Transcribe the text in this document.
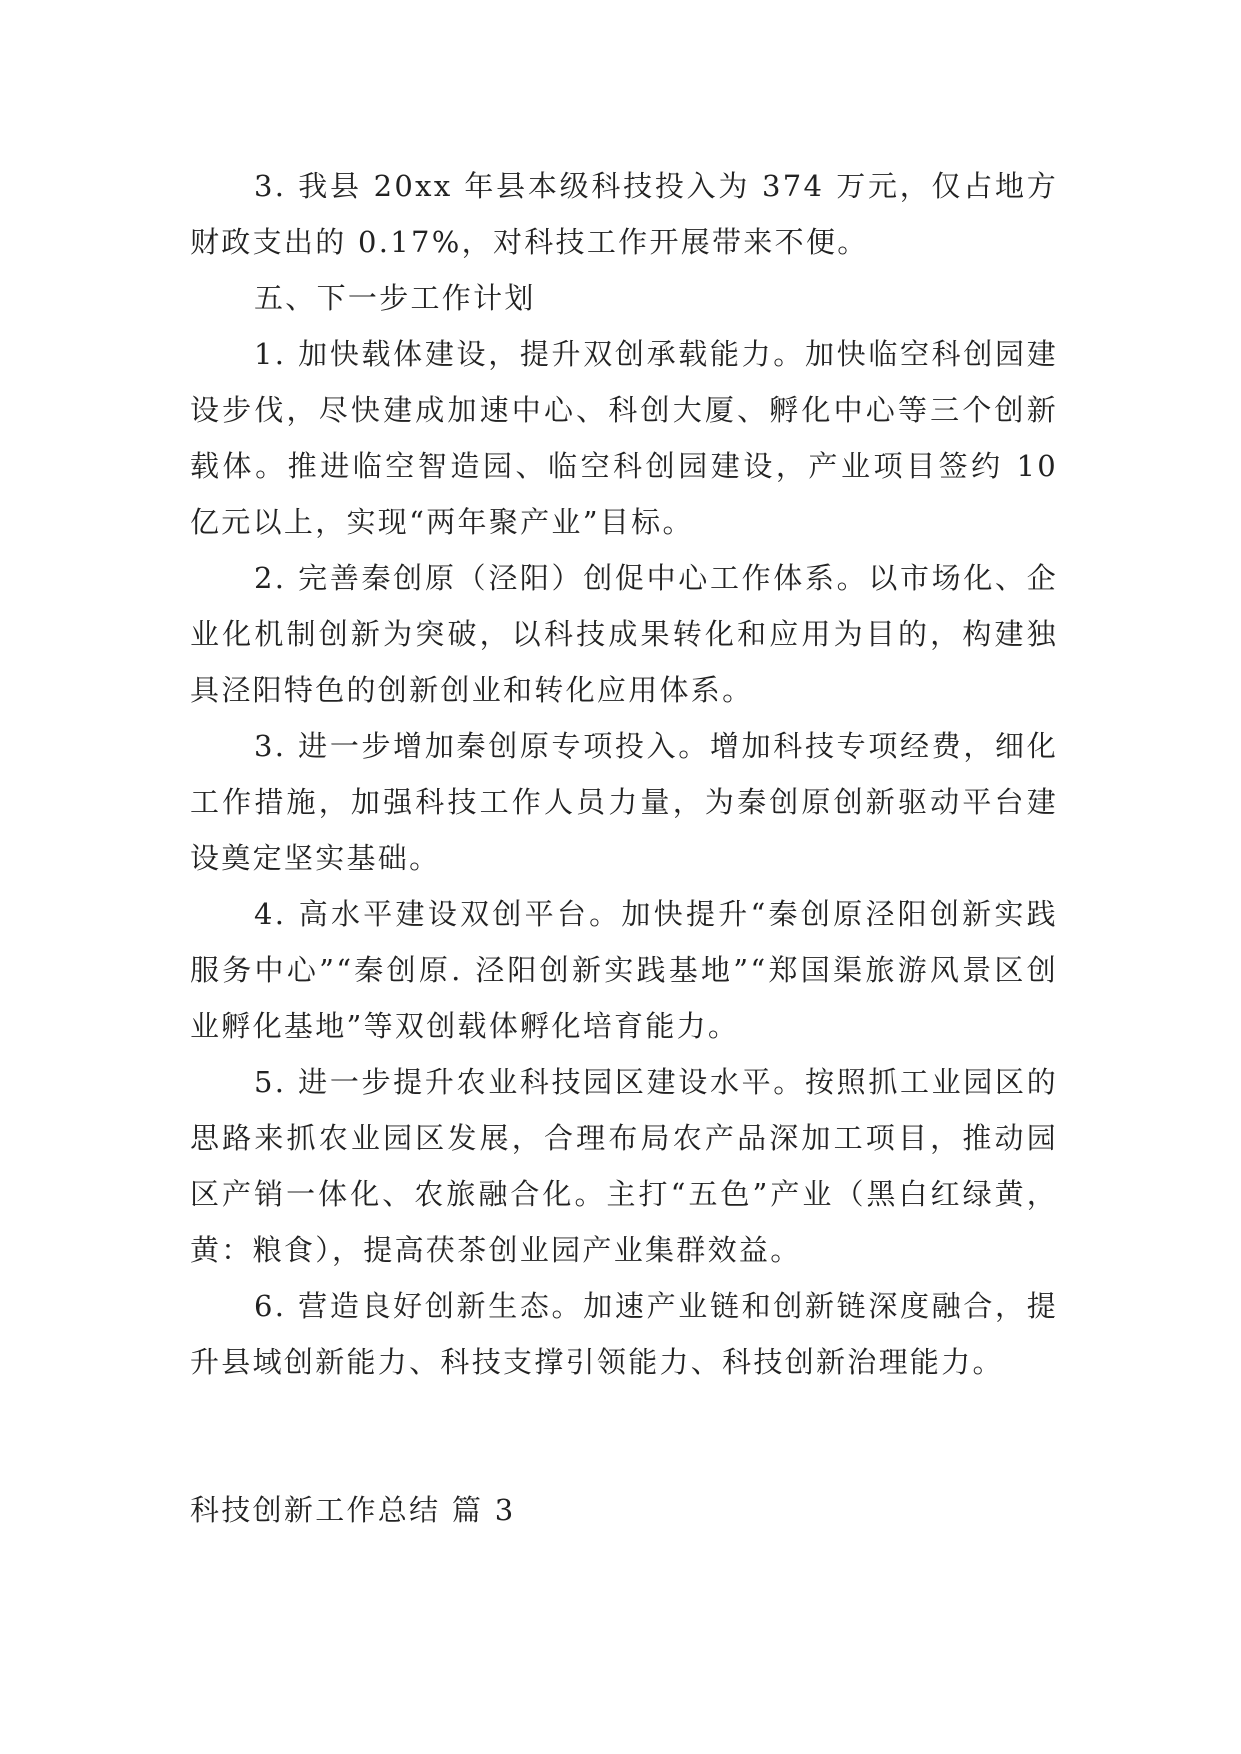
3. 我县 20xx 年县本级科技投入为 374 万元，仅占地方财政支出的 0.17%，对科技工作开展带来不便。

五、下一步工作计划

1. 加快载体建设，提升双创承载能力。加快临空科创园建设步伐，尽快建成加速中心、科创大厦、孵化中心等三个创新载体。推进临空智造园、临空科创园建设，产业项目签约 10 亿元以上，实现“两年聚产业”目标。

2. 完善秦创原（泾阳）创促中心工作体系。以市场化、企业化机制创新为突破，以科技成果转化和应用为目的，构建独具泾阳特色的创新创业和转化应用体系。

3. 进一步增加秦创原专项投入。增加科技专项经费，细化工作措施，加强科技工作人员力量，为秦创原创新驱动平台建设奠定坚实基础。

4. 高水平建设双创平台。加快提升“秦创原泾阳创新实践服务中心”“秦创原. 泾阳创新实践基地”“郑国渠旅游风景区创业孵化基地”等双创载体孵化培育能力。

5. 进一步提升农业科技园区建设水平。按照抓工业园区的思路来抓农业园区发展，合理布局农产品深加工项目，推动园区产销一体化、农旅融合化。主打“五色”产业（黑白红绿黄，黄：粮食），提高茯茶创业园产业集群效益。

6. 营造良好创新生态。加速产业链和创新链深度融合，提升县域创新能力、科技支撑引领能力、科技创新治理能力。

科技创新工作总结 篇 3
